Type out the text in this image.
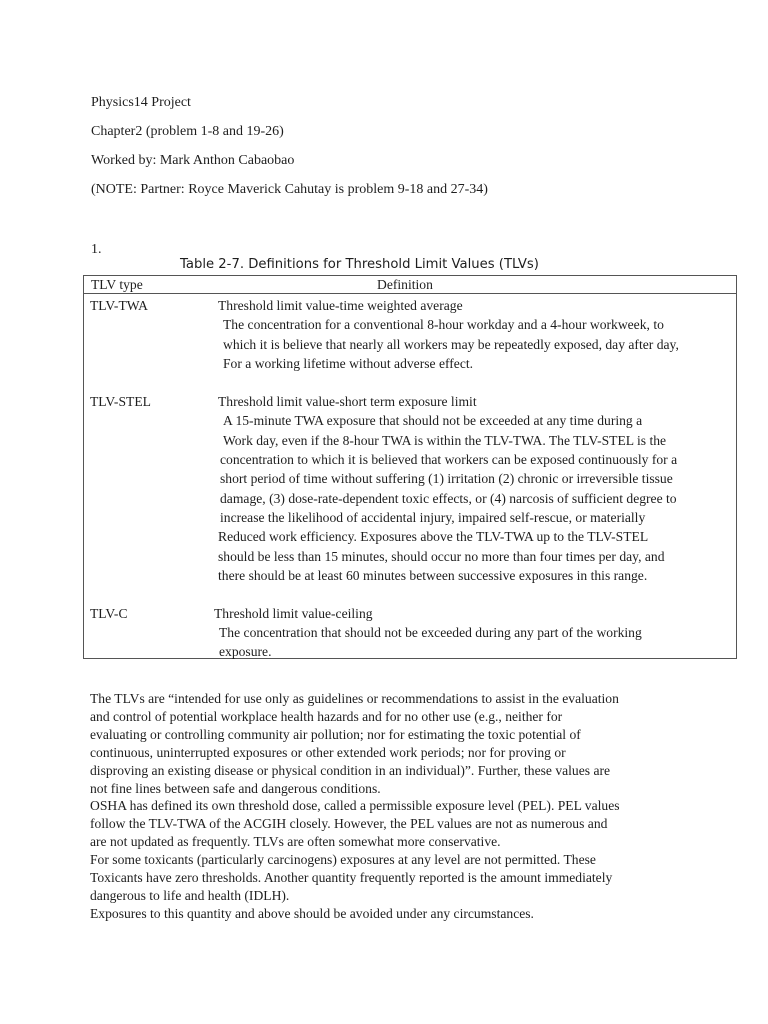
Physics14 Project
Chapter2 (problem 1-8 and 19-26)
Worked by: Mark Anthon Cabaobao
(NOTE: Partner: Royce Maverick Cahutay is problem 9-18 and 27-34)
1.
Table 2-7. Definitions for Threshold Limit Values (TLVs)
TLV type	Definition
TLV-TWA	Threshold limit value-time weighted average
The concentration for a conventional 8-hour workday and a 4-hour workweek, to
which it is believe that nearly all workers may be repeatedly exposed, day after day,
For a working lifetime without adverse effect.
TLV-STEL	Threshold limit value-short term exposure limit
A 15-minute TWA exposure that should not be exceeded at any time during a
Work day, even if the 8-hour TWA is within the TLV-TWA. The TLV-STEL is the
concentration to which it is believed that workers can be exposed continuously for a
short period of time without suffering (1) irritation (2) chronic or irreversible tissue
damage, (3) dose-rate-dependent toxic effects, or (4) narcosis of sufficient degree to
increase the likelihood of accidental injury, impaired self-rescue, or materially
Reduced work efficiency. Exposures above the TLV-TWA up to the TLV-STEL
should be less than 15 minutes, should occur no more than four times per day, and
there should be at least 60 minutes between successive exposures in this range.
TLV-C	Threshold limit value-ceiling
The concentration that should not be exceeded during any part of the working
exposure.
The TLVs are “intended for use only as guidelines or recommendations to assist in the evaluation
and control of potential workplace health hazards and for no other use (e.g., neither for
evaluating or controlling community air pollution; nor for estimating the toxic potential of
continuous, uninterrupted exposures or other extended work periods; nor for proving or
disproving an existing disease or physical condition in an individual)”. Further, these values are
not fine lines between safe and dangerous conditions.
OSHA has defined its own threshold dose, called a permissible exposure level (PEL). PEL values
follow the TLV-TWA of the ACGIH closely. However, the PEL values are not as numerous and
are not updated as frequently. TLVs are often somewhat more conservative.
For some toxicants (particularly carcinogens) exposures at any level are not permitted. These
Toxicants have zero thresholds. Another quantity frequently reported is the amount immediately
dangerous to life and health (IDLH).
Exposures to this quantity and above should be avoided under any circumstances.
